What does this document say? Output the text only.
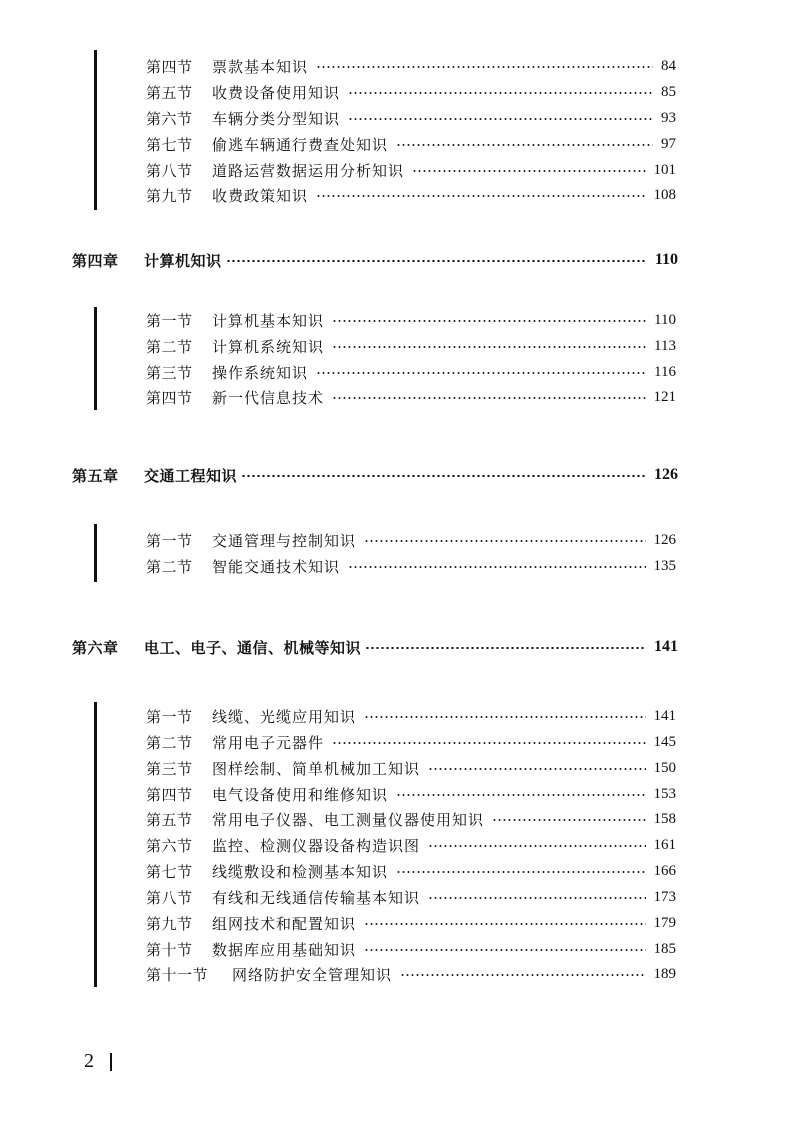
第四节	票款基本知识	84
第五节	收费设备使用知识	85
第六节	车辆分类分型知识	93
第七节	偷逃车辆通行费查处知识	97
第八节	道路运营数据运用分析知识	101
第九节	收费政策知识	108
第四章	计算机知识	110
第一节	计算机基本知识	110
第二节	计算机系统知识	113
第三节	操作系统知识	116
第四节	新一代信息技术	121
第五章	交通工程知识	126
第一节	交通管理与控制知识	126
第二节	智能交通技术知识	135
第六章	电工、电子、通信、机械等知识	141
第一节	线缆、光缆应用知识	141
第二节	常用电子元器件	145
第三节	图样绘制、简单机械加工知识	150
第四节	电气设备使用和维修知识	153
第五节	常用电子仪器、电工测量仪器使用知识	158
第六节	监控、检测仪器设备构造识图	161
第七节	线缆敷设和检测基本知识	166
第八节	有线和无线通信传输基本知识	173
第九节	组网技术和配置知识	179
第十节	数据库应用基础知识	185
第十一节	网络防护安全管理知识	189
2
